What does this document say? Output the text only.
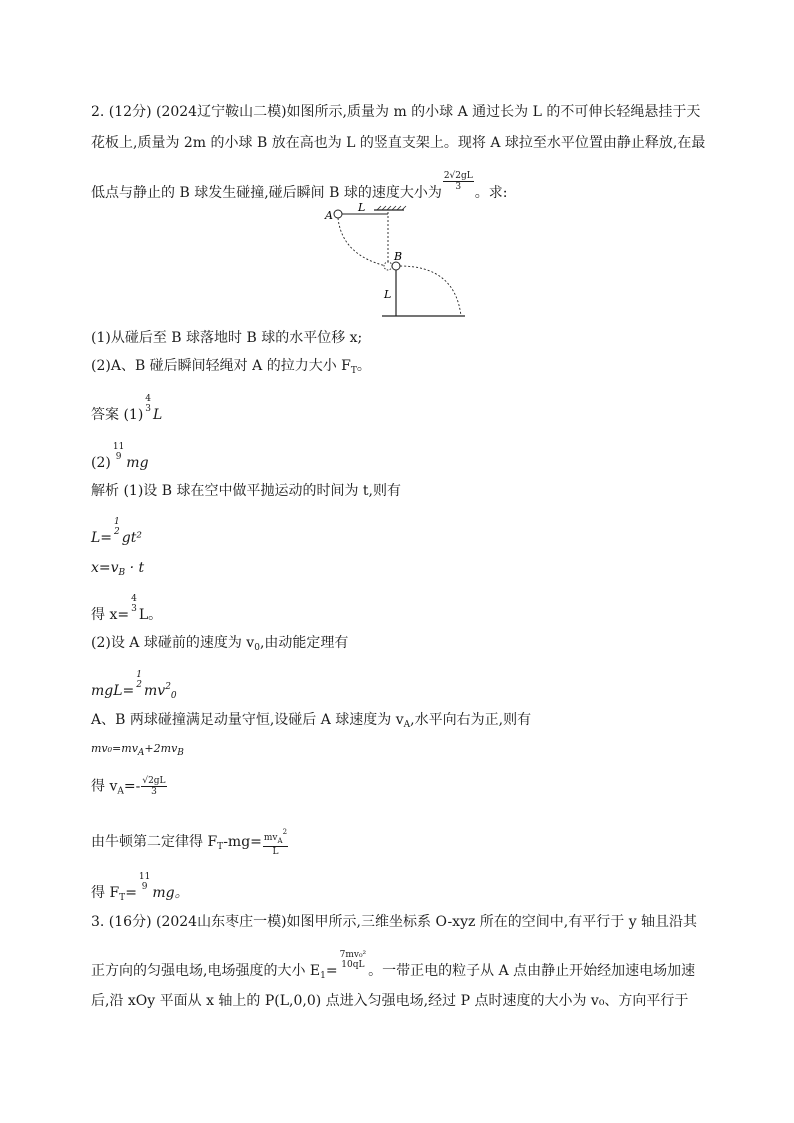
2. (12分) (2024辽宁鞍山二模)如图所示,质量为 m 的小球 A 通过长为 L 的不可伸长轻绳悬挂于天
花板上,质量为 2m 的小球 B 放在高也为 L 的竖直支架上。现将 A 球拉至水平位置由静止释放,在最
低点与静止的 B 球发生碰撞,碰后瞬间 B 球的速度大小为
$\frac{2√2gL}{3}$
。求:
A
L
B
L
(1)从碰后至 B 球落地时 B 球的水平位移 x;
(2)A、B 碰后瞬间轻绳对 A 的拉力大小 $F_T$。
答案 (1)
4
3 L
(2)
11
9 mg
解析 (1)设 B 球在空中做平抛运动的时间为 t,则有
L=
1
2 gt²
$x=v_B \cdot t$
得 x=
4
3 L。
(2)设 A 球碰前的速度为 $v_0$,由动能定理有
mgL=
1
2 $mv^2_0$
A、B 两球碰撞满足动量守恒,设碰后 A 球速度为 $v_A$,水平向右为正,则有
$mv_0=mv_A+2mv_B$
得 $v_A=- \frac{√2gL}{3}$
由牛顿第二定律得 $F_T-mg= \frac{mv_A^2}{L}$
得 $F_T=$
11
9 mg。
3. (16分) (2024山东枣庄一模)如图甲所示,三维坐标系 O-xyz 所在的空间中,有平行于 y 轴且沿其
正方向的匀强电场,电场强度的大小 $E_1=$
7mv₀²
10qL 。一带正电的粒子从 A 点由静止开始经加速电场加速
后,沿 xOy 平面从 x 轴上的 P(L,0,0) 点进入匀强电场,经过 P 点时速度的大小为 v₀、方向平行于
